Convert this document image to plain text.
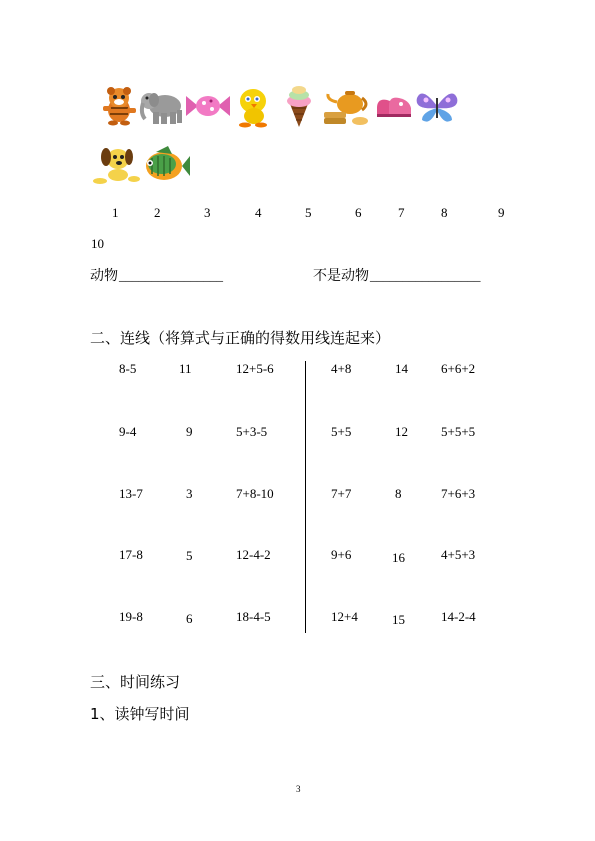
1	2	3	4	5	6	7	8	9
10
动物 ________________	不是动物 _________________
二、连线（将算式与正确的得数用线连起来）
8-5	11	12+5-6
9-4	9	5+3-5
13-7	3	7+8-10
17-8	5	12-4-2
19-8	6	18-4-5
4+8	14	6+6+2
5+5	12	5+5+5
7+7	8	7+6+3
9+6	16	4+5+3
12+4	15	14-2-4
三、时间练习
1、读钟写时间
3
